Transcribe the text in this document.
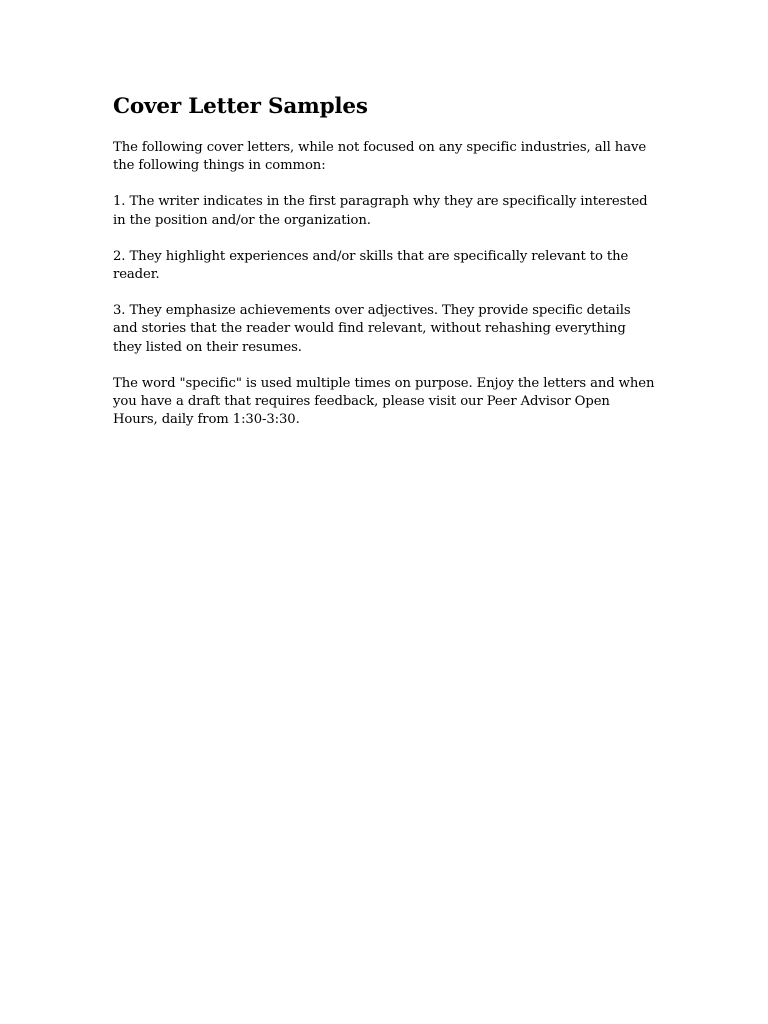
Cover Letter Samples

The following cover letters, while not focused on any specific industries, all have the following things in common:

1. The writer indicates in the first paragraph why they are specifically interested in the position and/or the organization.

2. They highlight experiences and/or skills that are specifically relevant to the reader.

3. They emphasize achievements over adjectives. They provide specific details and stories that the reader would find relevant, without rehashing everything they listed on their resumes.

The word "specific" is used multiple times on purpose. Enjoy the letters and when you have a draft that requires feedback, please visit our Peer Advisor Open Hours, daily from 1:30-3:30.
